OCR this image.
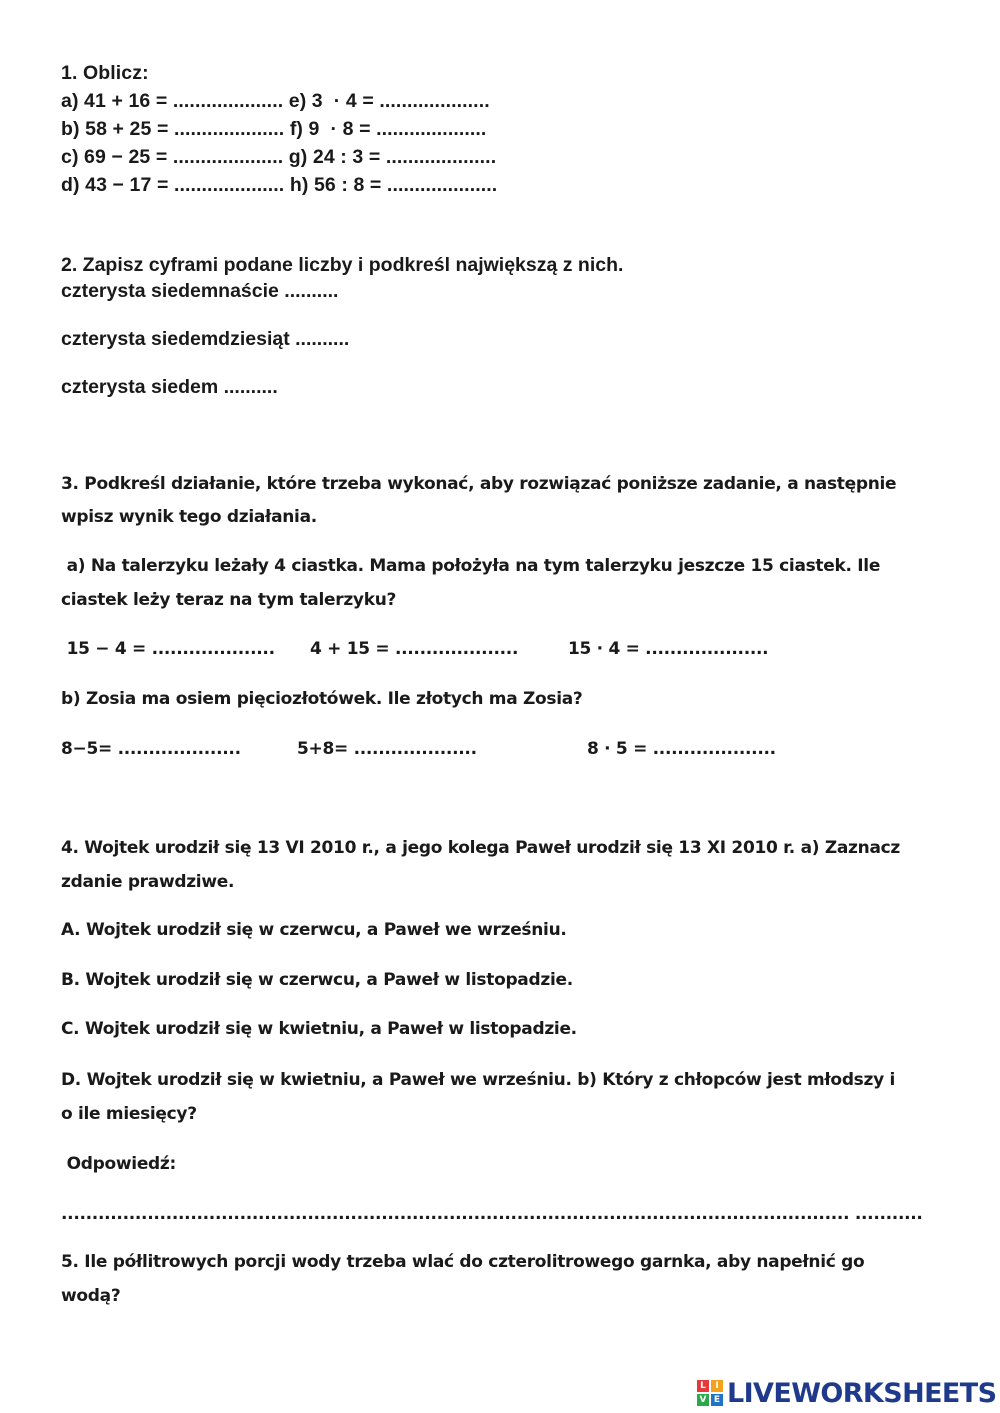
1. Oblicz:
a) 41 + 16 = .................... e) 3  · 4 = ....................
b) 58 + 25 = .................... f) 9  · 8 = ....................
c) 69 − 25 = .................... g) 24 : 3 = ....................
d) 43 − 17 = .................... h) 56 : 8 = ....................
2. Zapisz cyframi podane liczby i podkreśl największą z nich.
czterysta siedemnaście ..........
czterysta siedemdziesiąt ..........
czterysta siedem ..........
3. Podkreśl działanie, które trzeba wykonać, aby rozwiązać poniższe zadanie, a następnie
wpisz wynik tego działania.
a) Na talerzyku leżały 4 ciastka. Mama położyła na tym talerzyku jeszcze 15 ciastek. Ile
ciastek leży teraz na tym talerzyku?
15 − 4 = .................... 4 + 15 = ....................	15 · 4 = ....................
b) Zosia ma osiem pięciozłotówek. Ile złotych ma Zosia?
8−5= ....................	5+8= ....................	8 · 5 = ....................
4. Wojtek urodził się 13 VI 2010 r., a jego kolega Paweł urodził się 13 XI 2010 r. a) Zaznacz
zdanie prawdziwe.
A. Wojtek urodził się w czerwcu, a Paweł we wrześniu.
B. Wojtek urodził się w czerwcu, a Paweł w listopadzie.
C. Wojtek urodził się w kwietniu, a Paweł w listopadzie.
D. Wojtek urodził się w kwietniu, a Paweł we wrześniu. b) Który z chłopców jest młodszy i
o ile miesięcy?
Odpowiedź:
................................................................................................................................ ...........
5. Ile półlitrowych porcji wody trzeba wlać do czterolitrowego garnka, aby napełnić go
wodą?
L	I
V E LIVEWORKSHEETS
